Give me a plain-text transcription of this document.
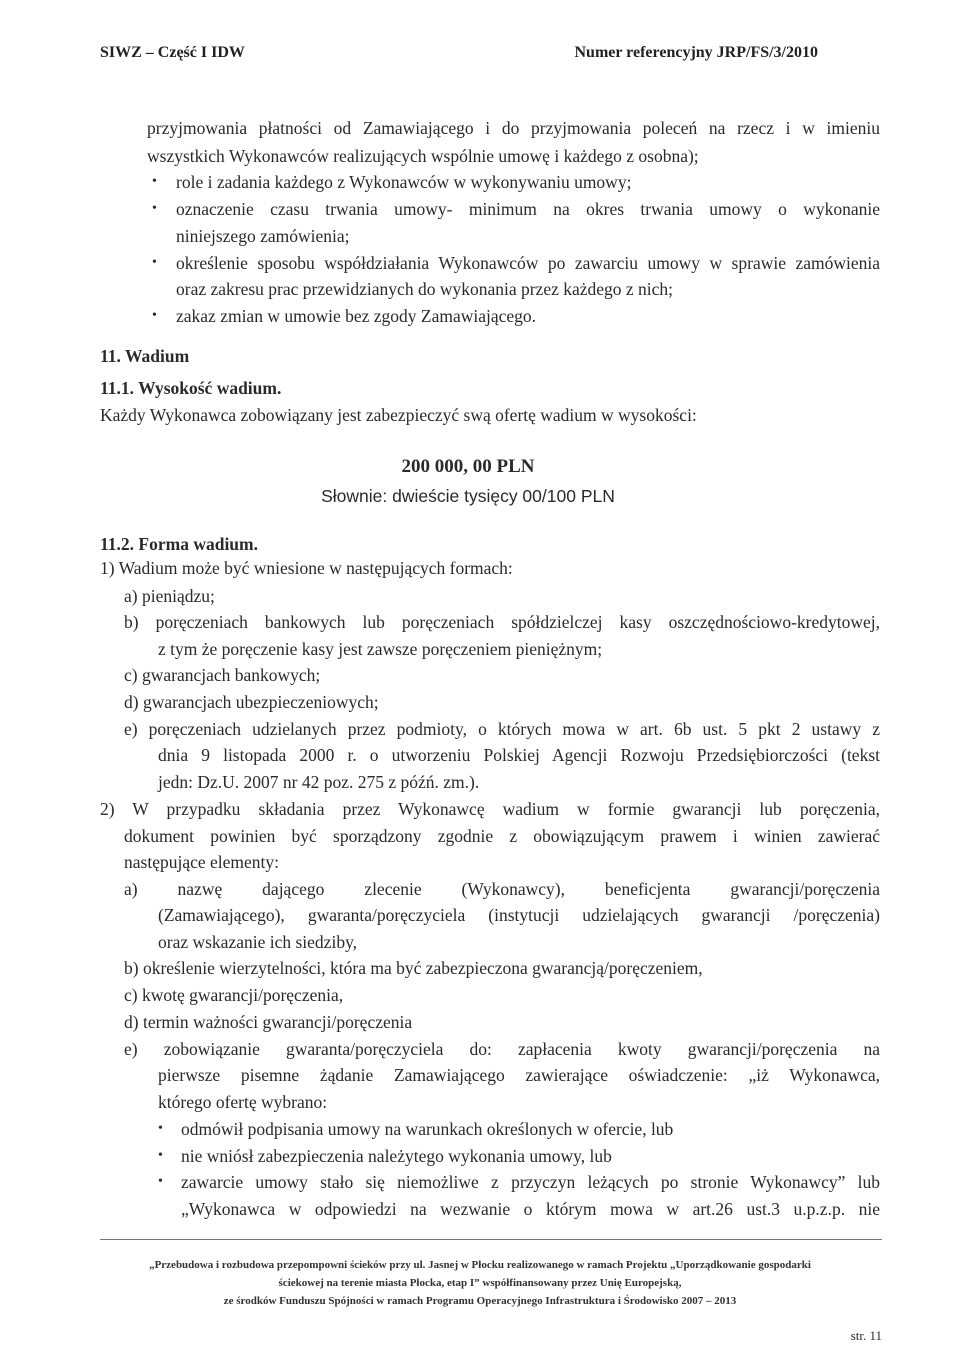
SIWZ – Część I IDW	Numer referencyjny JRP/FS/3/2010
przyjmowania płatności od Zamawiającego i do przyjmowania poleceń na rzecz i w imieniu
wszystkich Wykonawców realizujących wspólnie umowę i każdego z osobna);
• role i zadania każdego z Wykonawców w wykonywaniu umowy;
• oznaczenie czasu trwania umowy- minimum na okres trwania umowy o wykonanie
niniejszego zamówienia;
• określenie sposobu współdziałania Wykonawców po zawarciu umowy w sprawie zamówienia
oraz zakresu prac przewidzianych do wykonania przez każdego z nich;
• zakaz zmian w umowie bez zgody Zamawiającego.
11. Wadium
11.1. Wysokość wadium.
Każdy Wykonawca zobowiązany jest zabezpieczyć swą ofertę wadium w wysokości:
200 000, 00 PLN
Słownie: dwieście tysięcy 00/100 PLN
11.2. Forma wadium.
1) Wadium może być wniesione w następujących formach:
a) pieniądzu;
b) poręczeniach bankowych lub poręczeniach spółdzielczej kasy oszczędnościowo-kredytowej,
z tym że poręczenie kasy jest zawsze poręczeniem pieniężnym;
c) gwarancjach bankowych;
d) gwarancjach ubezpieczeniowych;
e) poręczeniach udzielanych przez podmioty, o których mowa w art. 6b ust. 5 pkt 2 ustawy z
dnia 9 listopada 2000 r. o utworzeniu Polskiej Agencji Rozwoju Przedsiębiorczości (tekst
jedn: Dz.U. 2007 nr 42 poz. 275 z późń. zm.).
2) W przypadku składania przez Wykonawcę wadium w formie gwarancji lub poręczenia,
dokument powinien być sporządzony zgodnie z obowiązującym prawem i winien zawierać
następujące elementy:
a) nazwę dającego zlecenie (Wykonawcy), beneficjenta gwarancji/poręczenia
(Zamawiającego), gwaranta/poręczyciela (instytucji udzielających gwarancji /poręczenia)
oraz wskazanie ich siedziby,
b) określenie wierzytelności, która ma być zabezpieczona gwarancją/poręczeniem,
c) kwotę gwarancji/poręczenia,
d) termin ważności gwarancji/poręczenia
e) zobowiązanie gwaranta/poręczyciela do: zapłacenia kwoty gwarancji/poręczenia na
pierwsze pisemne żądanie Zamawiającego zawierające oświadczenie: „iż Wykonawca,
którego ofertę wybrano:
• odmówił podpisania umowy na warunkach określonych w ofercie, lub
• nie wniósł zabezpieczenia należytego wykonania umowy, lub
• zawarcie umowy stało się niemożliwe z przyczyn leżących po stronie Wykonawcy” lub
„Wykonawca w odpowiedzi na wezwanie o którym mowa w art.26 ust.3 u.p.z.p. nie
„Przebudowa i rozbudowa przepompowni ścieków przy ul. Jasnej w Płocku realizowanego w ramach Projektu „Uporządkowanie gospodarki
ściekowej na terenie miasta Płocka, etap I” współfinansowany przez Unię Europejską,
ze środków Funduszu Spójności w ramach Programu Operacyjnego Infrastruktura i Środowisko 2007 – 2013
str. 11
